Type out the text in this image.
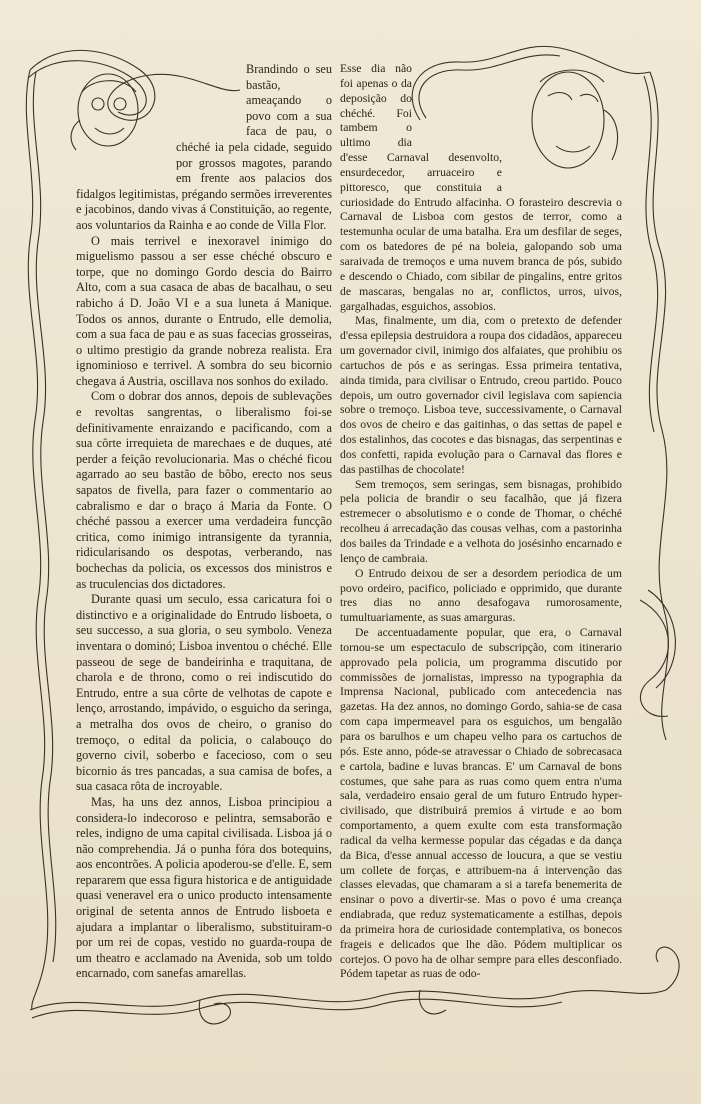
Brandindo o seu bastão, ameaçando o povo com a sua faca de pau, o chéché ia pela cidade, seguido por grossos magotes, parando em frente aos palacios dos fidalgos legitimistas, prégando sermões irreverentes e jacobinos, dando vivas á Constituição, ao regente, aos voluntarios da Rainha e ao conde de Villa Flor.

O mais terrivel e inexoravel inimigo do miguelismo passou a ser esse chéché obscuro e torpe, que no domingo Gordo descia do Bairro Alto, com a sua casaca de abas de bacalhau, o seu rabicho á D. João VI e a sua luneta á Manique. Todos os annos, durante o Entrudo, elle demolia, com a sua faca de pau e as suas facecias grosseiras, o ultimo prestigio da grande nobreza realista. Era ignominioso e terrivel. A sombra do seu bicornio chegava á Austria, oscillava nos sonhos do exilado.

Com o dobrar dos annos, depois de sublevações e revoltas sangrentas, o liberalismo foi-se definitivamente enraizando e pacificando, com a sua côrte irrequieta de marechaes e de duques, até perder a feição revolucionaria. Mas o chéché ficou agarrado ao seu bastão de bôbo, erecto nos seus sapatos de fivella, para fazer o commentario ao cabralismo e dar o braço á Maria da Fonte. O chéché passou a exercer uma verdadeira funcção critica, como inimigo intransigente da tyrannia, ridicularisando os despotas, verberando, nas bochechas da policia, os excessos dos ministros e as truculencias dos dictadores.

Durante quasi um seculo, essa caricatura foi o distinctivo e a originalidade do Entrudo lisboeta, o seu successo, a sua gloria, o seu symbolo. Veneza inventara o dominó; Lisboa inventou o chéché. Elle passeou de sege de bandeirinha e traquitana, de charola e de throno, como o rei indiscutido do Entrudo, entre a sua côrte de velhotas de capote e lenço, arrostando, impávido, o esguicho da seringa, a metralha dos ovos de cheiro, o graniso do tremoço, o edital da policia, o calabouço do governo civil, soberbo e facecioso, com o seu bicornio ás tres pancadas, a sua camisa de bofes, a sua casaca rôta de incroyable.

Mas, ha uns dez annos, Lisboa principiou a considera-lo indecoroso e pelintra, semsaborão e reles, indigno de uma capital civilisada. Lisboa já o não comprehendia. Já o punha fóra dos botequins, aos encontrões. A policia apoderou-se d'elle. E, sem repararem que essa figura historica e de antiguidade quasi veneravel era o unico producto intensamente original de setenta annos de Entrudo lisboeta e ajudara a implantar o liberalismo, substituiram-o por um rei de copas, vestido no guarda-roupa de um theatro e acclamado na Avenida, sob um toldo encarnado, com sanefas amarellas.

Esse dia não foi apenas o da deposição do chéché. Foi tambem o ultimo dia d'esse Carnaval desenvolto, ensurdecedor, arruaceiro e pittoresco, que constituia a curiosidade do Entrudo alfacinha. O forasteiro descrevia o Carnaval de Lisboa com gestos de terror, como a testemunha ocular de uma batalha. Era um desfilar de seges, com os batedores de pé na boleia, galopando sob uma saraivada de tremoços e uma nuvem branca de pós, subido e descendo o Chiado, com sibilar de pingalins, entre gritos de mascaras, bengalas no ar, conflictos, urros, uivos, gargalhadas, esguichos, assobios.

Mas, finalmente, um dia, com o pretexto de defender d'essa epilepsia destruidora a roupa dos cidadãos, appareceu um governador civil, inimigo dos alfaiates, que prohibiu os cartuchos de pós e as seringas. Essa primeira tentativa, ainda timida, para civilisar o Entrudo, creou partido. Pouco depois, um outro governador civil legislava com sapiencia sobre o tremoço. Lisboa teve, successivamente, o Carnaval dos ovos de cheiro e das gaitinhas, o das settas de papel e dos estalinhos, das cocotes e das bisnagas, das serpentinas e dos confetti, rapida evolução para o Carnaval das flores e das pastilhas de chocolate!

Sem tremoços, sem seringas, sem bisnagas, prohibido pela policia de brandir o seu facalhão, que já fizera estremecer o absolutismo e o conde de Thomar, o chéché recolheu á arrecadação das cousas velhas, com a pastorinha dos bailes da Trindade e a velhota do josésinho encarnado e lenço de cambraia.

O Entrudo deixou de ser a desordem periodica de um povo ordeiro, pacifico, policiado e opprimido, que durante tres dias no anno desafogava rumorosamente, tumultuariamente, as suas amarguras.

De accentuadamente popular, que era, o Carnaval tornou-se um espectaculo de subscripção, com itinerario approvado pela policia, um programma discutido por commissões de jornalistas, impresso na typographia da Imprensa Nacional, publicado com antecedencia nas gazetas. Ha dez annos, no domingo Gordo, sahia-se de casa com capa impermeavel para os esguichos, um bengalão para os barulhos e um chapeu velho para os cartuchos de pós. Este anno, póde-se atravessar o Chiado de sobrecasaca e cartola, badine e luvas brancas. E' um Carnaval de bons costumes, que sahe para as ruas como quem entra n'uma sala, verdadeiro ensaio geral de um futuro Entrudo hyper-civilisado, que distribuirá premios á virtude e ao bom comportamento, a quem exulte com esta transformação radical da velha kermesse popular das cégadas e da dança da Bica, d'esse annual accesso de loucura, a que se vestiu um collete de forças, e attribuem-na á intervenção das classes elevadas, que chamaram a si a tarefa benemerita de ensinar o povo a divertir-se. Mas o povo é uma creança endiabrada, que reduz systematicamente a estilhas, depois da primeira hora de curiosidade contemplativa, os bonecos frageis e delicados que lhe dão. Pódem multiplicar os cortejos. O povo ha de olhar sempre para elles desconfiado. Pódem tapetar as ruas de odo-
